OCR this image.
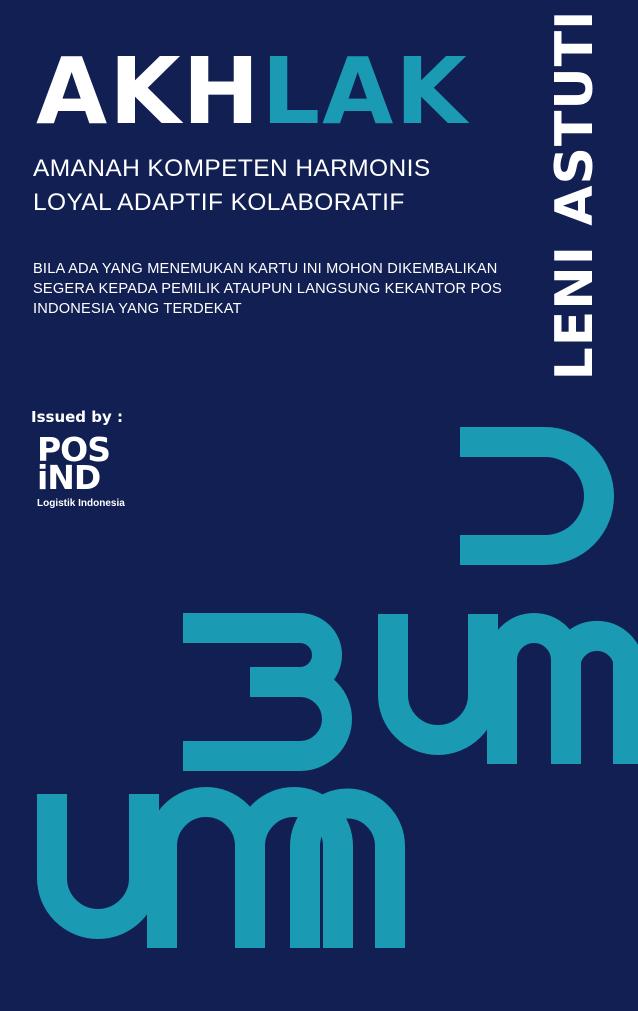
AKHLAK
AMANAH KOMPETEN HARMONIS
LOYAL ADAPTIF KOLABORATIF
BILA ADA YANG MENEMUKAN KARTU INI MOHON DIKEMBALIKAN SEGERA KEPADA PEMILIK ATAUPUN LANGSUNG KEKANTOR POS INDONESIA YANG TERDEKAT	LENI ASTUTI
Issued by :
POS
iND
Logistik Indonesia
